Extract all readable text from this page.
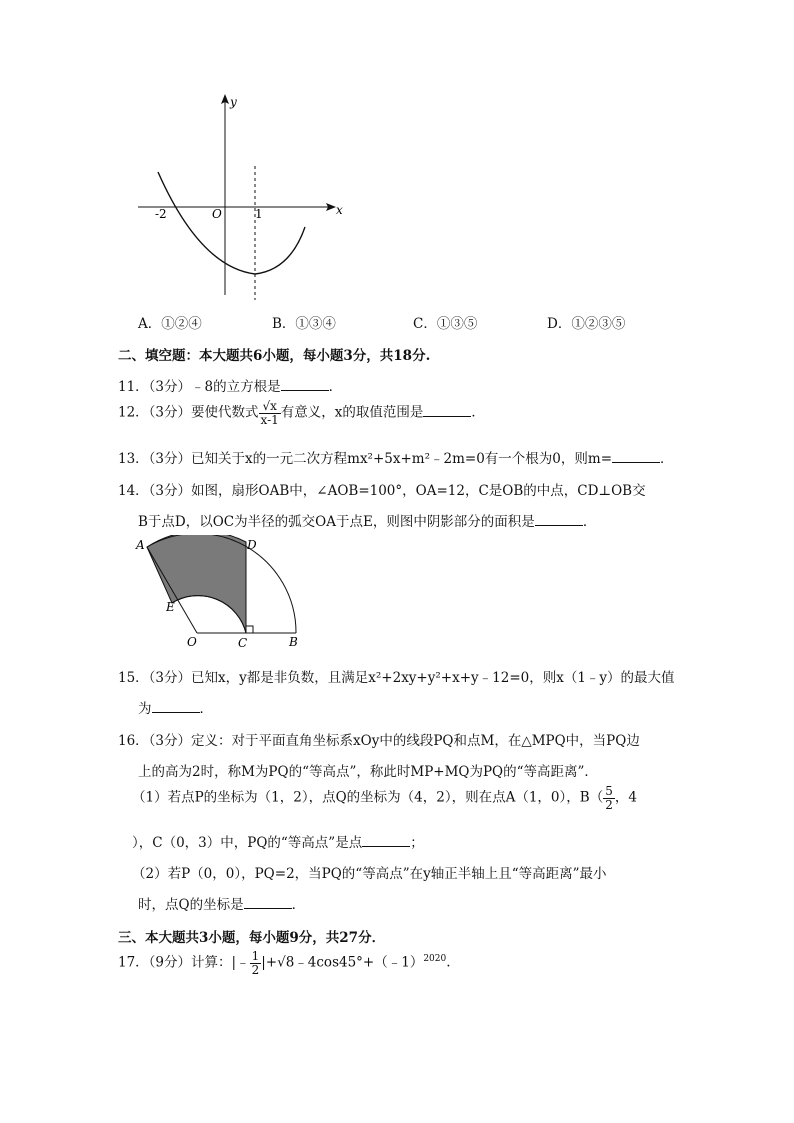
y
x
O
-2	1
A．①②④	B．①③④	C．①③⑤	D．①②③⑤
二、填空题：本大题共6小题，每小题3分，共18分.
11．（3分）﹣8的立方根是	．
12．（3分）要使代数式 $\frac{√x}{x-1}$ 有意义，x的取值范围是	．
13．（3分）已知关于x的一元二次方程mx²+5x+m²﹣2m=0有一个根为0，则m=	．
14．（3分）如图，扇形OAB中，∠AOB=100°，OA=12，C是OB的中点，CD⊥OB交
B于点D，以OC为半径的弧交OA于点E，则图中阴影部分的面积是	．
A	D
E
O	C	B
15．（3分）已知x，y都是非负数，且满足x²+2xy+y²+x+y﹣12=0，则x（1﹣y）的最大值
为	．
16．（3分）定义：对于平面直角坐标系xOy中的线段PQ和点M，在△MPQ中，当PQ边
上的高为2时，称M为PQ的“等高点”，称此时MP+MQ为PQ的“等高距离”．
（1）若点P的坐标为（1，2），点Q的坐标为（4，2），则在点A（1，0），$B( \frac{5}{2}$ ，4
），C（0，3）中，PQ的“等高点”是点	；
（2）若P（0，0），PQ=2，当PQ的“等高点”在y轴正半轴上且“等高距离”最小
时，点Q的坐标是	．
三、本大题共3小题，每小题9分，共27分．
17．（9分）计算：|﹣ $\frac{1}{2}$ |+√8﹣4cos45°+（﹣1）$^{2020}$.
